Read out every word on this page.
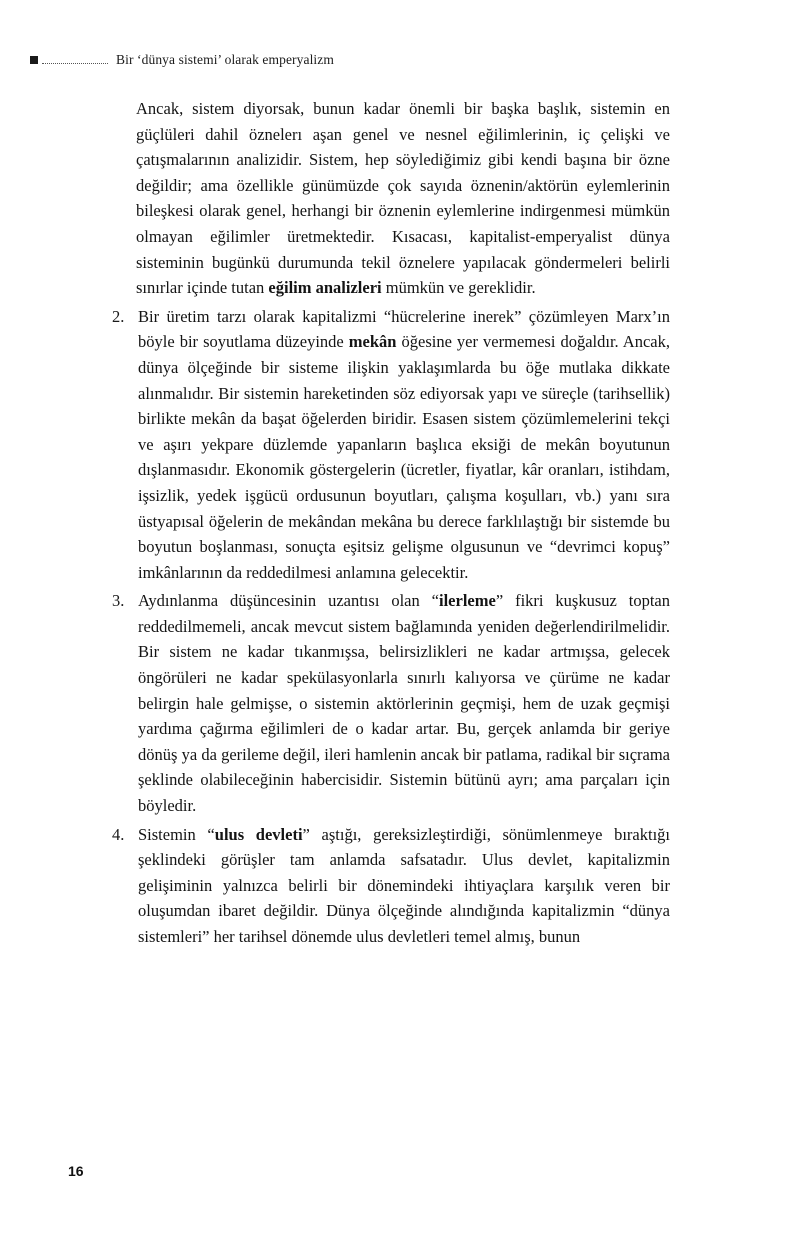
Bir ‘dünya sistemi’ olarak emperyalizm

Ancak, sistem diyorsak, bunun kadar önemli bir başka başlık, sistemin en güçlüleri dahil öznelerı aşan genel ve nesnel eğilimlerinin, iç çelişki ve çatışmalarının analizidir. Sistem, hep söylediğimiz gibi kendi başına bir özne değildir; ama özellikle günümüzde çok sayıda öznenin/aktörün eylemlerinin bileşkesi olarak genel, herhangi bir öznenin eylemlerine indirgenmesi mümkün olmayan eğilimler üretmektedir. Kısacası, kapitalist-emperyalist dünya sisteminin bugünkü durumunda tekil öznelere yapılacak göndermeleri belirli sınırlar içinde tutan eğilim analizleri mümkün ve gereklidir.

2. Bir üretim tarzı olarak kapitalizmi “hücrelerine inerek” çözümleyen Marx’ın böyle bir soyutlama düzeyinde mekân öğesine yer vermemesi doğaldır. Ancak, dünya ölçeğinde bir sisteme ilişkin yaklaşımlarda bu öğe mutlaka dikkate alınmalıdır. Bir sistemin hareketinden söz ediyorsak yapı ve süreçle (tarihsellik) birlikte mekân da başat öğelerden biridir. Esasen sistem çözümlemelerini tekçi ve aşırı yekpare düzlemde yapanların başlıca eksiği de mekân boyutunun dışlanmasıdır. Ekonomik göstergelerin (ücretler, fiyatlar, kâr oranları, istihdam, işsizlik, yedek işgücü ordusunun boyutları, çalışma koşulları, vb.) yanı sıra üstyapısal öğelerin de mekândan mekâna bu derece farklılaştığı bir sistemde bu boyutun boşlanması, sonuçta eşitsiz gelişme olgusunun ve “devrimci kopuş” imkânlarının da reddedilmesi anlamına gelecektir.

3. Aydınlanma düşüncesinin uzantısı olan “ilerleme” fikri kuşkusuz toptan reddedilmemeli, ancak mevcut sistem bağlamında yeniden değerlendirilmelidir. Bir sistem ne kadar tıkanmışsa, belirsizlikleri ne kadar artmışsa, gelecek öngörüleri ne kadar spekülasyonlarla sınırlı kalıyorsa ve çürüme ne kadar belirgin hale gelmişse, o sistemin aktörlerinin geçmişi, hem de uzak geçmişi yardıma çağırma eğilimleri de o kadar artar. Bu, gerçek anlamda bir geriye dönüş ya da gerileme değil, ileri hamlenin ancak bir patlama, radikal bir sıçrama şeklinde olabileceğinin habercisidir. Sistemin bütünü ayrı; ama parçaları için böyledir.

4. Sistemin “ulus devleti” aştığı, gereksizleştirdiği, sönümlenmeye bıraktığı şeklindeki görüşler tam anlamda safsatadır. Ulus devlet, kapitalizmin gelişiminin yalnızca belirli bir dönemindeki ihtiyaçlara karşılık veren bir oluşumdan ibaret değildir. Dünya ölçeğinde alındığında kapitalizmin “dünya sistemleri” her tarihsel dönemde ulus devletleri temel almış, bunun

16
